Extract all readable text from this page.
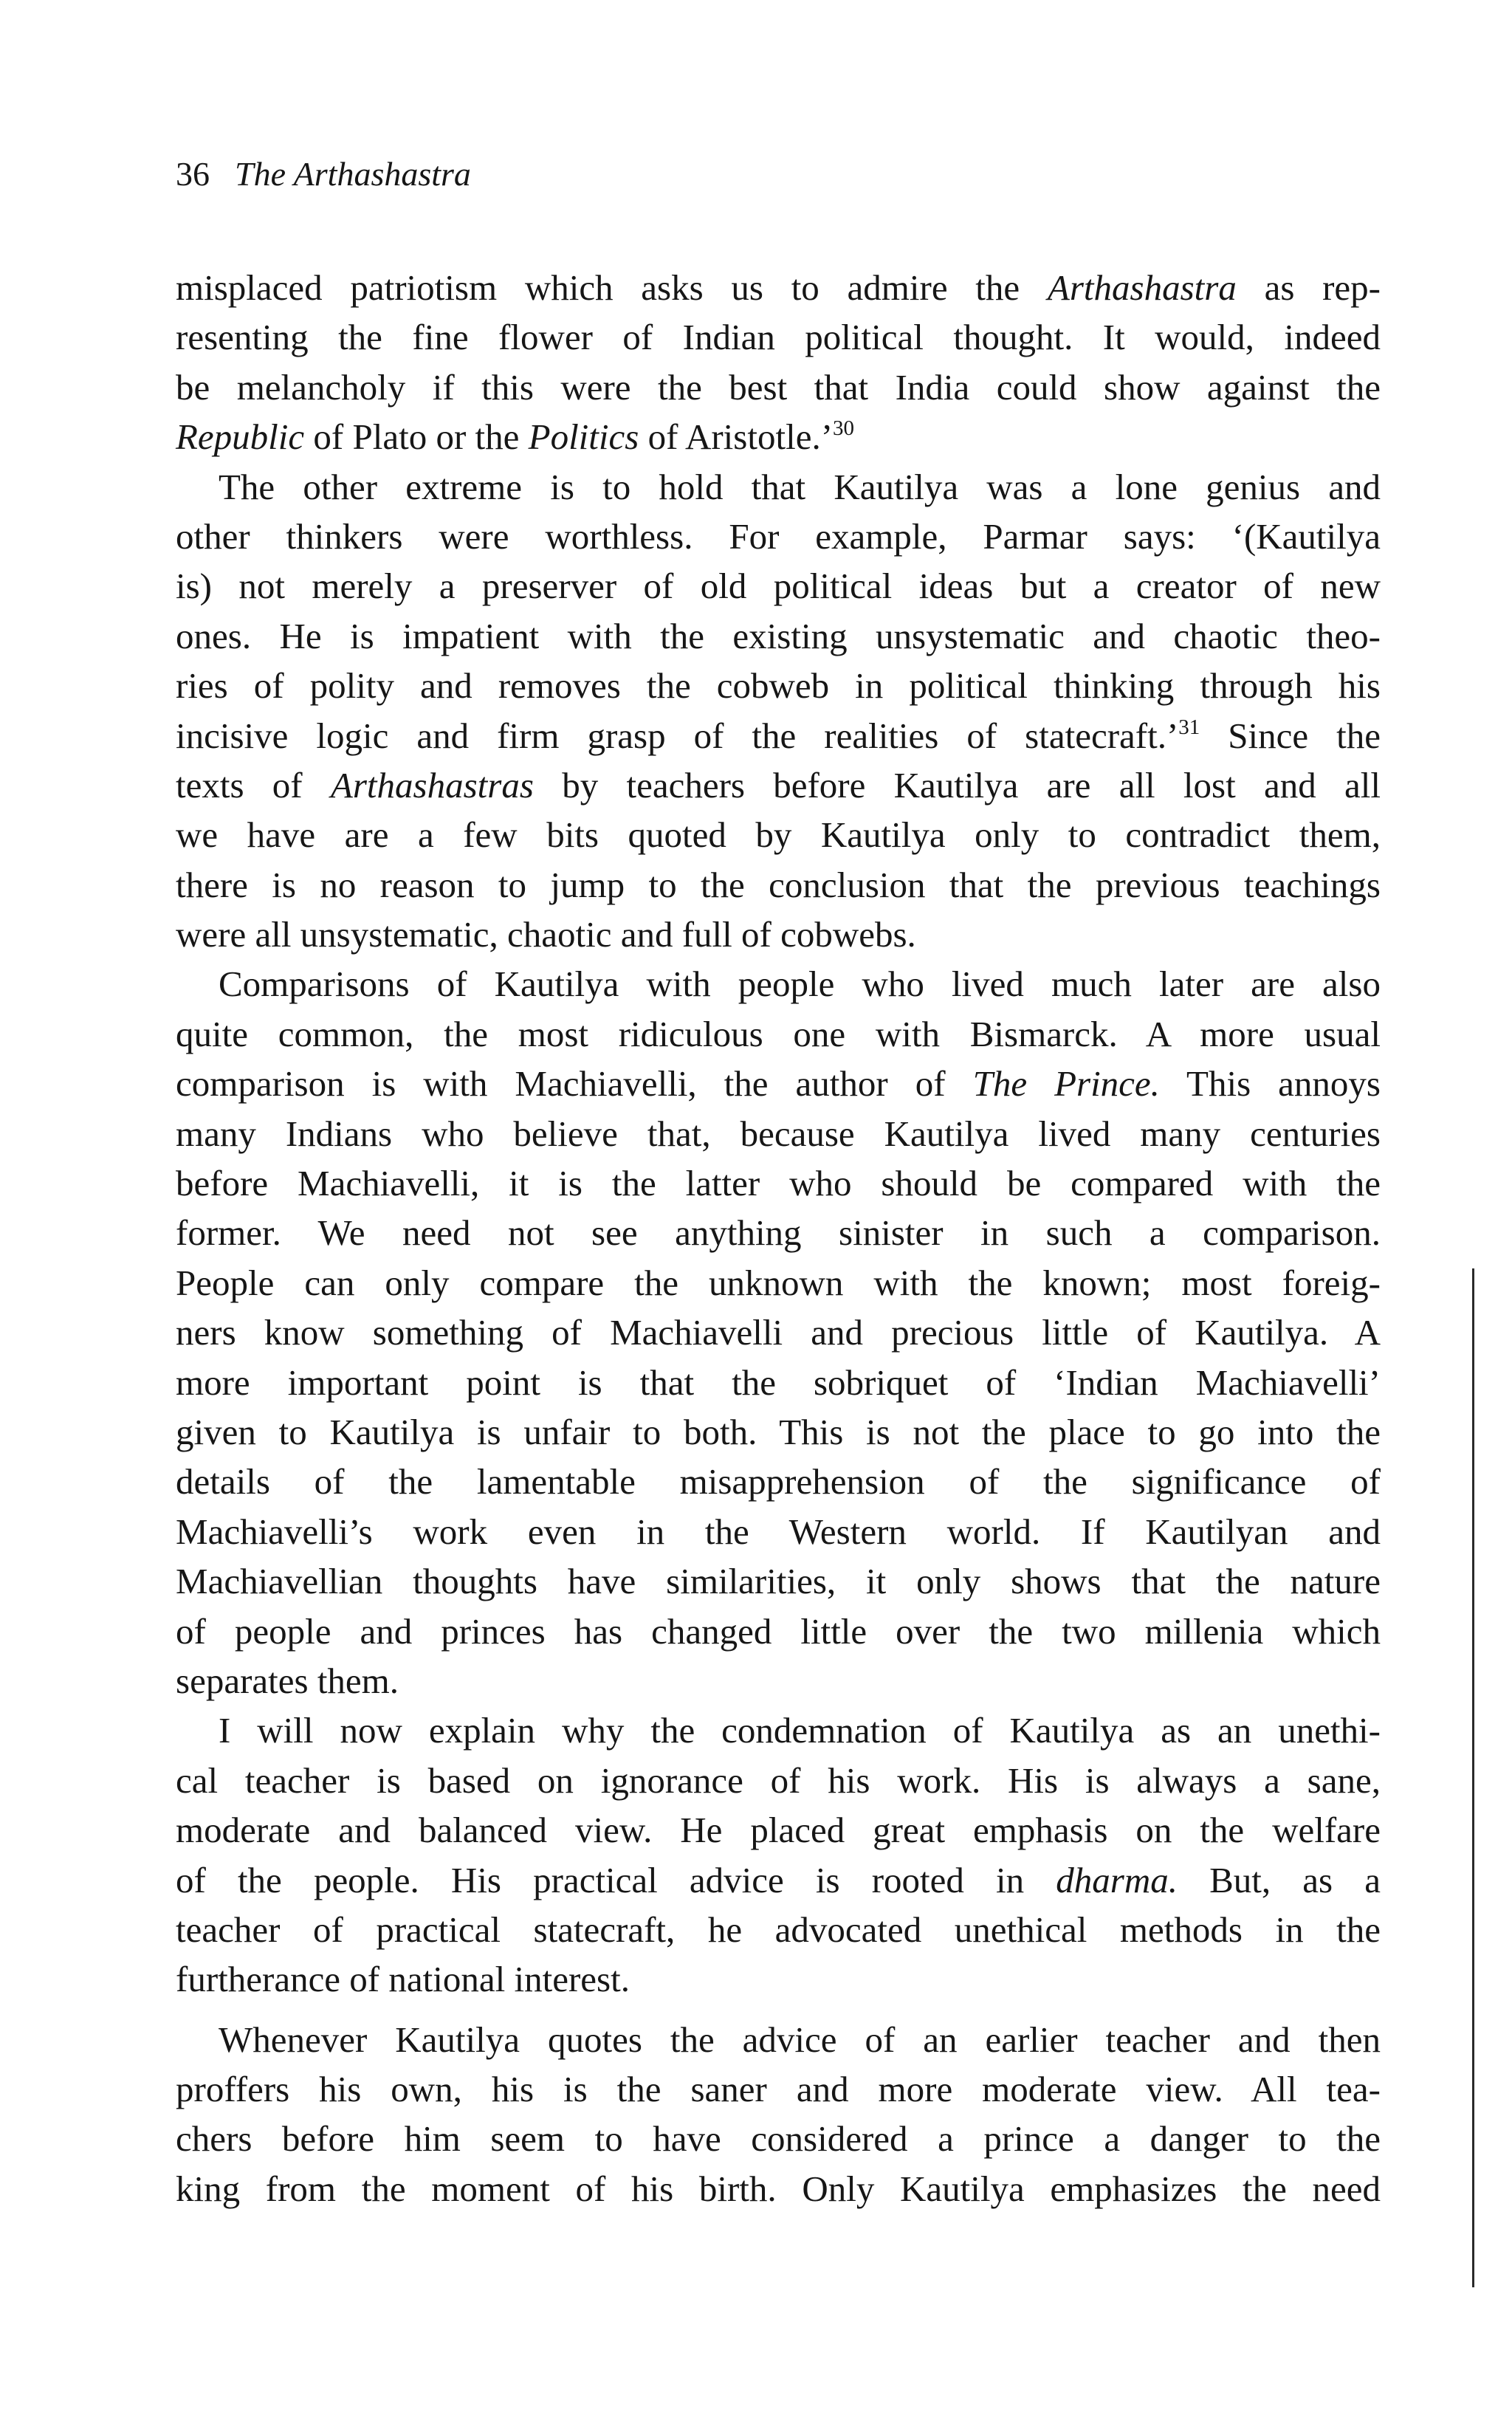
36 The Arthashastra
misplaced patriotism which asks us to admire the Arthashastra as rep-
resenting the fine flower of Indian political thought. It would, indeed
be melancholy if this were the best that India could show against the
Republic of Plato or the Politics of Aristotle.’$^{30}$
The other extreme is to hold that Kautilya was a lone genius and
other thinkers were worthless. For example, Parmar says: ‘(Kautilya
is) not merely a preserver of old political ideas but a creator of new
ones. He is impatient with the existing unsystematic and chaotic theo-
ries of polity and removes the cobweb in political thinking through his
incisive logic and firm grasp of the realities of statecraft.’$^{31}$ Since the
texts of Arthashastras by teachers before Kautilya are all lost and all
we have are a few bits quoted by Kautilya only to contradict them,
there is no reason to jump to the conclusion that the previous teachings
were all unsystematic, chaotic and full of cobwebs.
Comparisons of Kautilya with people who lived much later are also
quite common, the most ridiculous one with Bismarck. A more usual
comparison is with Machiavelli, the author of The Prince. This annoys
many Indians who believe that, because Kautilya lived many centuries
before Machiavelli, it is the latter who should be compared with the
former. We need not see anything sinister in such a comparison.
People can only compare the unknown with the known; most foreig-
ners know something of Machiavelli and precious little of Kautilya. A
more important point is that the sobriquet of ‘Indian Machiavelli’
given to Kautilya is unfair to both. This is not the place to go into the
details of the lamentable misapprehension of the significance of
Machiavelli’s work even in the Western world. If Kautilyan and
Machiavellian thoughts have similarities, it only shows that the nature
of people and princes has changed little over the two millenia which
separates them.
I will now explain why the condemnation of Kautilya as an unethi-
cal teacher is based on ignorance of his work. His is always a sane,
moderate and balanced view. He placed great emphasis on the welfare
of the people. His practical advice is rooted in dharma. But, as a
teacher of practical statecraft, he advocated unethical methods in the
furtherance of national interest.
Whenever Kautilya quotes the advice of an earlier teacher and then
proffers his own, his is the saner and more moderate view. All tea-
chers before him seem to have considered a prince a danger to the
king from the moment of his birth. Only Kautilya emphasizes the need
